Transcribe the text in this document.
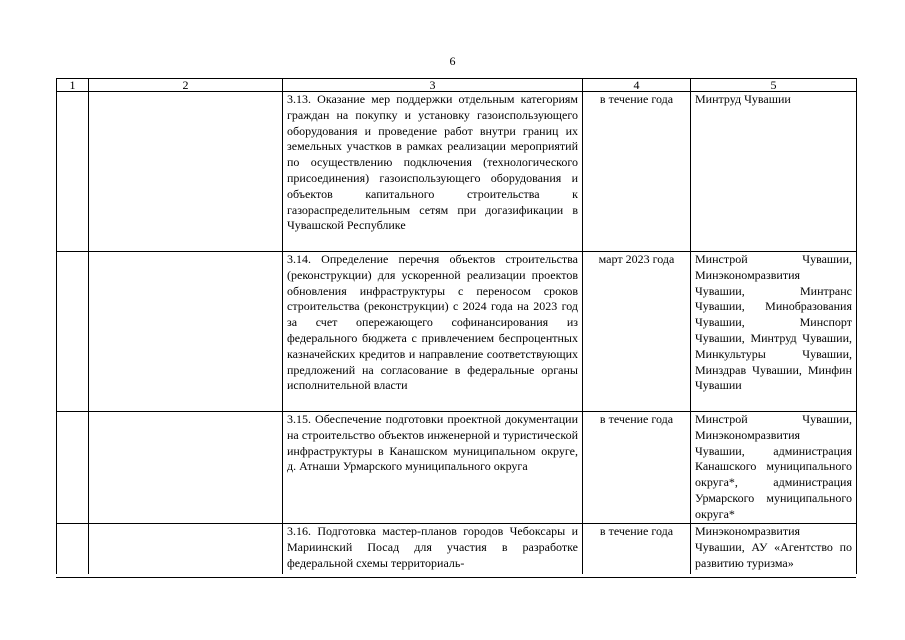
6
1	2	3	4	5
		3.13. Оказание мер поддержки отдельным категориям граждан на покупку и установку газоиспользующего оборудования и проведение работ внутри границ их земельных участков в рамках реализации мероприятий по осуществлению подключения (технологического присоединения) газоиспользующего оборудования и объектов капитального строительства к газораспределительным сетям при догазификации в Чувашской Республике	в течение года	Минтруд Чувашии
		3.14. Определение перечня объектов строительства (реконструкции) для ускоренной реализации проектов обновления инфраструктуры с переносом сроков строительства (реконструкции) с 2024 года на 2023 год за счет опережающего софинансирования из федерального бюджета с привлечением беспроцентных казначейских кредитов и направление соответствующих предложений на согласование в федеральные органы исполнительной власти	март 2023 года	Минстрой Чувашии, Минэкономразвития Чувашии, Минтранс Чувашии, Минобразования Чувашии, Минспорт Чувашии, Минтруд Чувашии, Минкультуры Чувашии, Минздрав Чувашии, Минфин Чувашии
		3.15. Обеспечение подготовки проектной документации на строительство объектов инженерной и туристической инфраструктуры в Канашском муниципальном округе, д. Атнаши Урмарского муниципального округа	в течение года	Минстрой Чувашии, Минэкономразвития Чувашии, администрация Канашского муниципального округа*, администрация Урмарского муниципального округа*
		3.16. Подготовка мастер-планов городов Чебоксары и Мариинский Посад для участия в разработке федеральной схемы территориаль-	в течение года	Минэкономразвития Чувашии, АУ «Агентство по развитию туризма»
